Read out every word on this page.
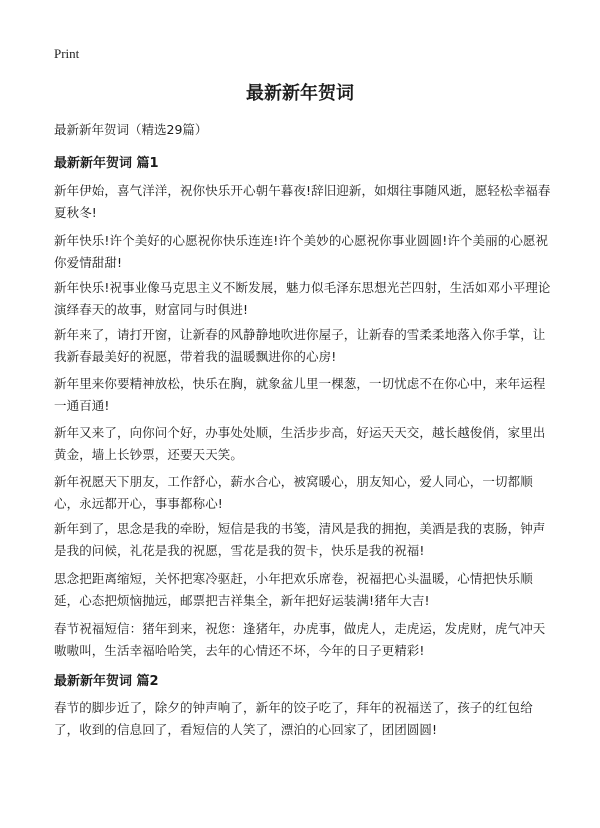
Print
最新新年贺词
最新新年贺词（精选29篇）
最新新年贺词 篇1

新年伊始，喜气洋洋，祝你快乐开心朝午暮夜!辞旧迎新，如烟往事随风逝，愿轻松幸福春夏秋冬!

新年快乐!许个美好的心愿祝你快乐连连!许个美妙的心愿祝你事业圆圆!许个美丽的心愿祝你爱情甜甜!

新年快乐!祝事业像马克思主义不断发展，魅力似毛泽东思想光芒四射，生活如邓小平理论演绎春天的故事，财富同与时俱进!

新年来了，请打开窗，让新春的风静静地吹进你屋子，让新春的雪柔柔地落入你手掌，让我新春最美好的祝愿，带着我的温暖飘进你的心房!

新年里来你要精神放松，快乐在胸，就象盆儿里一棵葱，一切忧虑不在你心中，来年运程一通百通!

新年又来了，向你问个好，办事处处顺，生活步步高，好运天天交，越长越俊俏，家里出黄金，墙上长钞票，还要天天笑。

新年祝愿天下朋友，工作舒心，薪水合心，被窝暖心，朋友知心，爱人同心，一切都顺心，永远都开心，事事都称心!

新年到了，思念是我的牵盼，短信是我的书笺，清风是我的拥抱，美酒是我的衷肠，钟声是我的问候，礼花是我的祝愿，雪花是我的贺卡，快乐是我的祝福!

思念把距离缩短，关怀把寒冷驱赶，小年把欢乐席卷，祝福把心头温暖，心情把快乐顺延，心态把烦恼抛远，邮票把吉祥集全，新年把好运装满!猪年大吉!

春节祝福短信：猪年到来，祝您：逢猪年，办虎事，做虎人，走虎运，发虎财，虎气冲天嗷嗷叫，生活幸福哈哈笑，去年的心情还不坏，今年的日子更精彩!

最新新年贺词 篇2

春节的脚步近了，除夕的钟声响了，新年的饺子吃了，拜年的祝福送了，孩子的红包给了，收到的信息回了，看短信的人笑了，漂泊的心回家了，团团圆圆!
